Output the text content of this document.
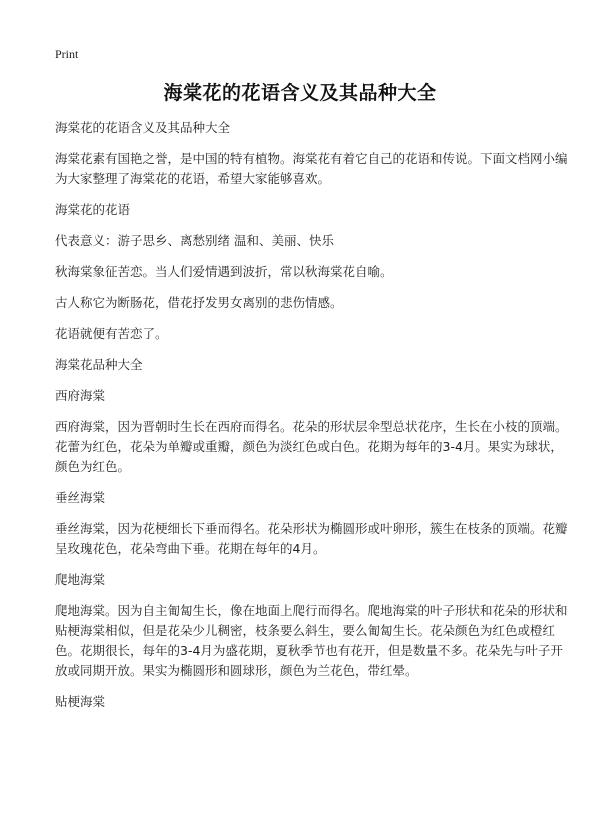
Print
海棠花的花语含义及其品种大全

海棠花的花语含义及其品种大全

海棠花素有国艳之誉，是中国的特有植物。海棠花有着它自己的花语和传说。下面文档网小编为大家整理了海棠花的花语，希望大家能够喜欢。

海棠花的花语

代表意义：游子思乡、离愁别绪 温和、美丽、快乐

秋海棠象征苦恋。当人们爱情遇到波折，常以秋海棠花自喻。

古人称它为断肠花，借花抒发男女离别的悲伤情感。

花语就便有苦恋了。

海棠花品种大全

西府海棠

西府海棠，因为晋朝时生长在西府而得名。花朵的形状层伞型总状花序，生长在小枝的顶端。花蕾为红色，花朵为单瓣或重瓣，颜色为淡红色或白色。花期为每年的3-4月。果实为球状，颜色为红色。

垂丝海棠

垂丝海棠，因为花梗细长下垂而得名。花朵形状为椭圆形或叶卵形，簇生在枝条的顶端。花瓣呈玫瑰花色，花朵弯曲下垂。花期在每年的4月。

爬地海棠

爬地海棠。因为自主匍匐生长，像在地面上爬行而得名。爬地海棠的叶子形状和花朵的形状和贴梗海棠相似，但是花朵少儿稠密，枝条要么斜生，要么匍匐生长。花朵颜色为红色或橙红色。花期很长，每年的3-4月为盛花期，夏秋季节也有花开，但是数量不多。花朵先与叶子开放或同期开放。果实为椭圆形和圆球形，颜色为兰花色，带红晕。

贴梗海棠
